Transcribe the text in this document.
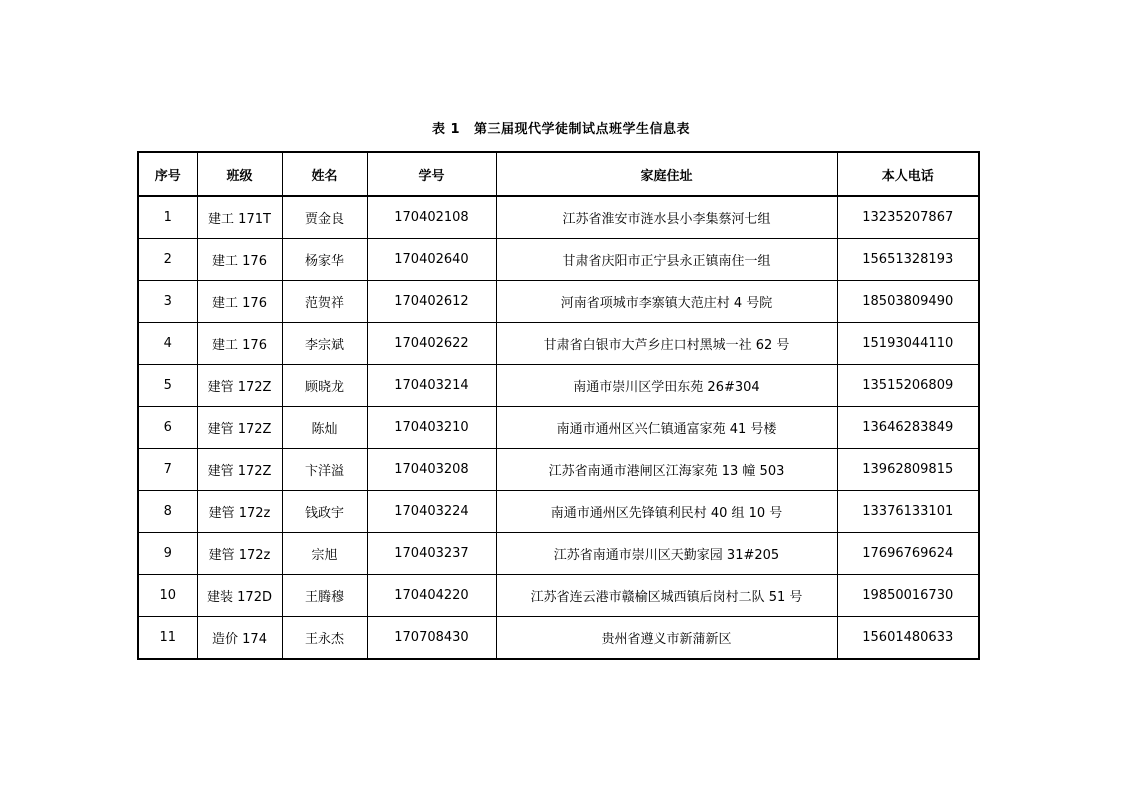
表 1 第三届现代学徒制试点班学生信息表
序号	班级	姓名	学号	家庭住址	本人电话
1	建工 171T	贾金良	170402108	江苏省淮安市涟水县小李集蔡河七组	13235207867
2	建工 176	杨家华	170402640	甘肃省庆阳市正宁县永正镇南住一组	15651328193
3	建工 176	范贺祥	170402612	河南省项城市李寨镇大范庄村 4 号院	18503809490
4	建工 176	李宗斌	170402622	甘肃省白银市大芦乡庄口村黑城一社 62 号	15193044110
5	建管 172Z	顾晓龙	170403214	南通市崇川区学田东苑 26#304	13515206809
6	建管 172Z	陈灿	170403210	南通市通州区兴仁镇通富家苑 41 号楼	13646283849
7	建管 172Z	卞洋溢	170403208	江苏省南通市港闸区江海家苑 13 幢 503	13962809815
8	建管 172z	钱政宇	170403224	南通市通州区先锋镇利民村 40 组 10 号	13376133101
9	建管 172z	宗旭	170403237	江苏省南通市崇川区天勤家园 31#205	17696769624
10	建装 172D	王腾穆	170404220	江苏省连云港市赣榆区城西镇后岗村二队 51 号	19850016730
11	造价 174	王永杰	170708430	贵州省遵义市新蒲新区	15601480633
